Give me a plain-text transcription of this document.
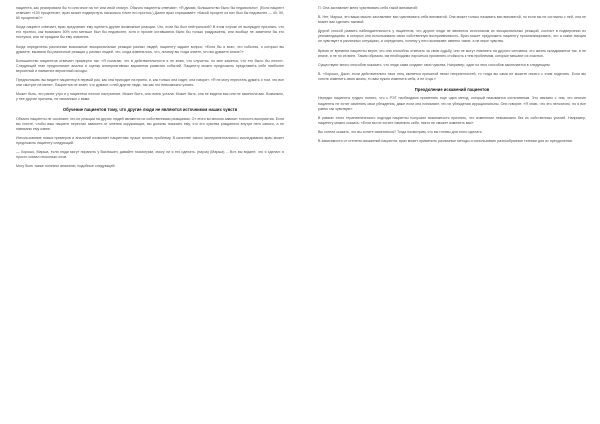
пациента, как реагировали бы то или иное на тот или иной стимул. Обычно пациенты отвечают: «Я думаю, большинство было бы недовольно». (Если пациент отвечает «100 процентов», врач может подвергнуть насколько точен его прогноз.) Далее врач спрашивает: «Какой процент из них был бы недоволен — 40, 50, 60 процентов?»

Когда пациент отвечает, врач предлагает ему оценить другие возможные реакции. Что, если бы был нейтральной? В этом случае он вынужден признать, что его прогноз, как возможно 50% или меньше был бы недоволен, хотя и прочие оставшиеся были бы только раздражены, или вообще не заметили бы его поступка, или не придали бы ему значения.

Когда определены различные возможные эмоциональные реакции разных людей, пациенту задают вопрос: «Если бы я знал, что события, о которых вы думаете, вызвали бы различные реакции у разных людей, что, когда изменилось, что, почему вы тогда знаете, что вы думаете иначе?»

Большинство пациентов отвечает примерно так: «Я полагаю, что в действительности я не знаю, что случится, но мне кажется, что это было бы плохо». Следующий этап предполагает анализ и оценку альтернативных вариантов развития событий. Пациенту можно предложить представить себе наиболее вероятный и наименее вероятный исходы.

Предположим, вы видите пациентку в первый раз, как она приходит на прием, и, как только она сядет, она говорит: «Я не могу перестать думать о том, что все они смотрят на меня». Пациентка не знает, что думают о ней другие люди, так как это невозможно узнать.

Может быть, это ранее утро и у пациентки плохое настроение. Может быть, она очень устала. Может быть, она не видела вас или не заметила вас. Возможно, у нее другие причины, не связанные с вами.

Обучение пациентов тому, что другие люди не являются источником наших чувств

Обычно пациенты не осознают, что их реакции на других людей являются их собственными реакциями. От этого во многом зависит точность восприятия. Если вы хотите, чтобы ваш пациент перестал зависеть от мнения окружающих, вы должны показать ему, что его чувства рождаются внутри него самого, а не навязаны ему извне.

Использование новых примеров и аналогий позволяет пациентам лучше понять проблему. В качестве такого экспериментального исследования врач может предложить пациенту следующий:

— Хорошо, Марша, если люди могут поранить у Васнишен, давайте посмотрим, смогу ли я это сделать. (пауза) (Марша) ... Вот, вы видите, что я сделал: я просто сказал несколько слов.

Могу быть также полезны аналогии, подобные следующей:

П. Она заставляет меня чувствовать себя такой виноватой!

В. Нет, Марша, это ваши мысли заставляют вас чувствовать себя виноватой. Она может только называть вас виноватой, но если вы не согласны с ней, она не может вас сделать таковой.

Другой способ развить наблюдательность у пациентов, что другие люди не являются источником их эмоциональных реакций, состоит в подвергании их рекомендациям, в которых они использовали свою собственную восприимчивость. Врач может предложить пациенту проанализировать, что и какие эмоции он чувствует в различных ситуациях, и определить, почему у него возникают именно такие, а не иные чувства.

Время от времени пациенты верят, что они способны отвечать за свою судьбу, они не могут повлиять на другого человека, что жизнь складывается так, а не иначе, и не по их вине. Таким образом, им необходимо научиться проявлять стойкость к тем проблемам, которые мешают их счастью.

Существуют много способов показать, что люди сами создают свои чувства. Например, один из этих способов заключается в следующем:

В. «Хорошо, Джон, если действительно твоя отец является причиной твоих неприятностей, то тогда вы сами не можете ничего с этим поделать. Если вы хотите изменить свою жизнь, то вам нужно изменить себя, а не отца.»

Преодоление искажений пациентов

Нередко пациенты трудно понять, что к РЭТ необходимо применять еще один метод, который называется когнитивным. Это связано с тем, что многие пациенты не хотят изменять свои убеждения, даже если они понимают, что их убеждения иррациональны. Они говорят: «Я знаю, что это нелогично, но я все равно так чувствую».

В рамках этого терапевтического подхода пациенты получают возможность признать, что изменение невозможно без их собственных усилий. Например, пациенту можно сказать: «Если вы не хотите изменить себя, никто не сможет изменить вас».

Вы хотели сказать, что вы хотите измениться? Тогда посмотрим, что вы готовы для этого сделать.

В зависимости от степени искажений пациента, врач может применить различные методы и использовать разнообразные техники для их преодоления.
